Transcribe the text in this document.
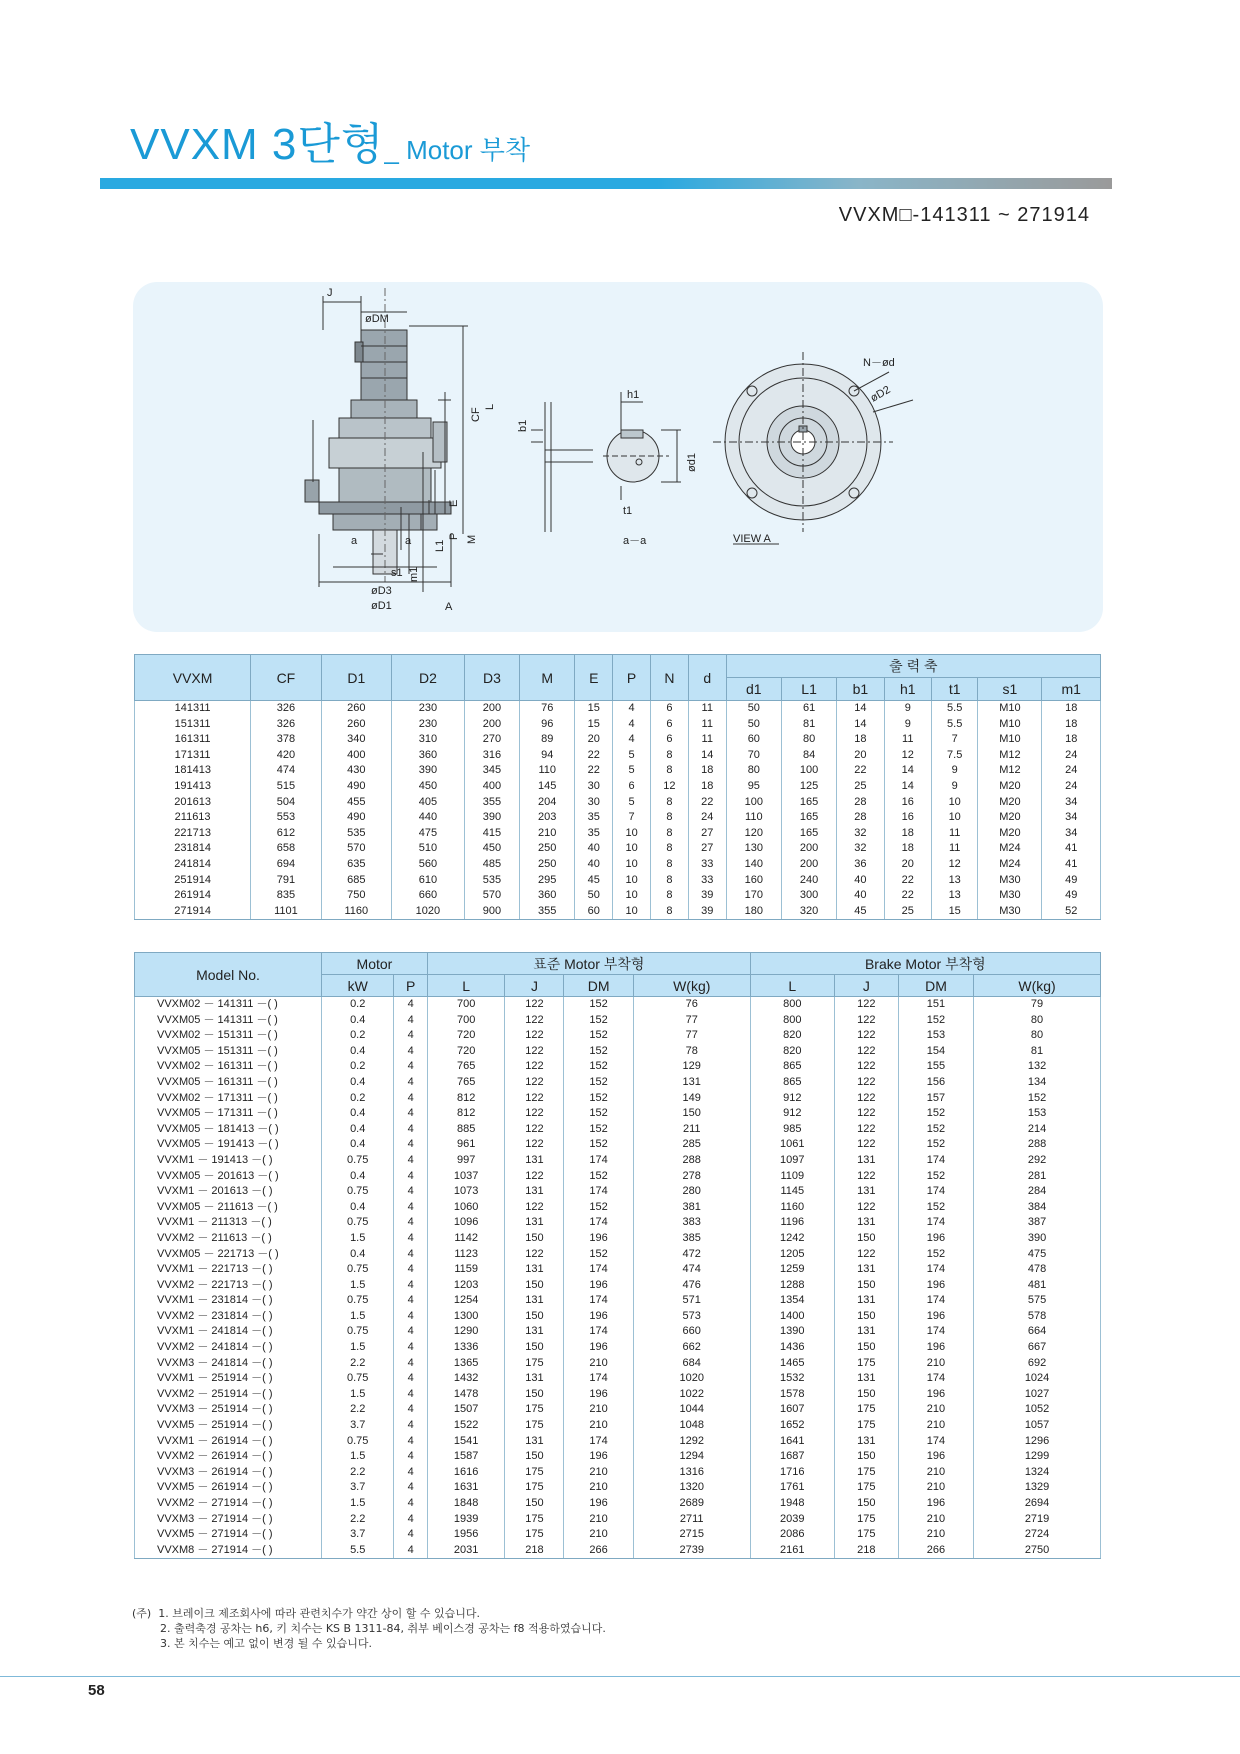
VVXM 3단형_ Motor 부착
VVXM□-141311 ~ 271914
J
øDM
CF
L
E
P M
L1
a	a
s1 m1
øD3
øD1	A
h1
b1
ød1
t1
a－a
N－ød
øD2
VIEW A
VVXM	CF	D1	D2	D3	M	E	P	N	d	출 력 축						
										d1	L1	b1	h1	t1	s1	m1
141311	326	260	230	200	76	15	4	6	11	50	61	14	9	5.5	M10	18
151311	326	260	230	200	96	15	4	6	11	50	81	14	9	5.5	M10	18
161311	378	340	310	270	89	20	4	6	11	60	80	18	11	7	M10	18
171311	420	400	360	316	94	22	5	8	14	70	84	20	12	7.5	M12	24
181413	474	430	390	345	110	22	5	8	18	80	100	22	14	9	M12	24
191413	515	490	450	400	145	30	6	12	18	95	125	25	14	9	M20	24
201613	504	455	405	355	204	30	5	8	22	100	165	28	16	10	M20	34
211613	553	490	440	390	203	35	7	8	24	110	165	28	16	10	M20	34
221713	612	535	475	415	210	35	10	8	27	120	165	32	18	11	M20	34
231814	658	570	510	450	250	40	10	8	27	130	200	32	18	11	M24	41
241814	694	635	560	485	250	40	10	8	33	140	200	36	20	12	M24	41
251914	791	685	610	535	295	45	10	8	33	160	240	40	22	13	M30	49
261914	835	750	660	570	360	50	10	8	39	170	300	40	22	13	M30	49
271914	1101	1160	1020	900	355	60	10	8	39	180	320	45	25	15	M30	52
Model No.	Motor		표준 Motor 부착형				Brake Motor 부착형			
	kW	P	L	J	DM	W(kg)	L	J	DM	W(kg)
VVXM02 － 141311 －( )	0.2	4	700	122	152	76	800	122	151	79
VVXM05 － 141311 －( )	0.4	4	700	122	152	77	800	122	152	80
VVXM02 － 151311 －( )	0.2	4	720	122	152	77	820	122	153	80
VVXM05 － 151311 －( )	0.4	4	720	122	152	78	820	122	154	81
VVXM02 － 161311 －( )	0.2	4	765	122	152	129	865	122	155	132
VVXM05 － 161311 －( )	0.4	4	765	122	152	131	865	122	156	134
VVXM02 － 171311 －( )	0.2	4	812	122	152	149	912	122	157	152
VVXM05 － 171311 －( )	0.4	4	812	122	152	150	912	122	152	153
VVXM05 － 181413 －( )	0.4	4	885	122	152	211	985	122	152	214
VVXM05 － 191413 －( )	0.4	4	961	122	152	285	1061	122	152	288
VVXM1 － 191413 －( )	0.75	4	997	131	174	288	1097	131	174	292
VVXM05 － 201613 －( )	0.4	4	1037	122	152	278	1109	122	152	281
VVXM1 － 201613 －( )	0.75	4	1073	131	174	280	1145	131	174	284
VVXM05 － 211613 －( )	0.4	4	1060	122	152	381	1160	122	152	384
VVXM1 － 211313 －( )	0.75	4	1096	131	174	383	1196	131	174	387
VVXM2 － 211613 －( )	1.5	4	1142	150	196	385	1242	150	196	390
VVXM05 － 221713 －( )	0.4	4	1123	122	152	472	1205	122	152	475
VVXM1 － 221713 －( )	0.75	4	1159	131	174	474	1259	131	174	478
VVXM2 － 221713 －( )	1.5	4	1203	150	196	476	1288	150	196	481
VVXM1 － 231814 －( )	0.75	4	1254	131	174	571	1354	131	174	575
VVXM2 － 231814 －( )	1.5	4	1300	150	196	573	1400	150	196	578
VVXM1 － 241814 －( )	0.75	4	1290	131	174	660	1390	131	174	664
VVXM2 － 241814 －( )	1.5	4	1336	150	196	662	1436	150	196	667
VVXM3 － 241814 －( )	2.2	4	1365	175	210	684	1465	175	210	692
VVXM1 － 251914 －( )	0.75	4	1432	131	174	1020	1532	131	174	1024
VVXM2 － 251914 －( )	1.5	4	1478	150	196	1022	1578	150	196	1027
VVXM3 － 251914 －( )	2.2	4	1507	175	210	1044	1607	175	210	1052
VVXM5 － 251914 －( )	3.7	4	1522	175	210	1048	1652	175	210	1057
VVXM1 － 261914 －( )	0.75	4	1541	131	174	1292	1641	131	174	1296
VVXM2 － 261914 －( )	1.5	4	1587	150	196	1294	1687	150	196	1299
VVXM3 － 261914 －( )	2.2	4	1616	175	210	1316	1716	175	210	1324
VVXM5 － 261914 －( )	3.7	4	1631	175	210	1320	1761	175	210	1329
VVXM2 － 271914 －( )	1.5	4	1848	150	196	2689	1948	150	196	2694
VVXM3 － 271914 －( )	2.2	4	1939	175	210	2711	2039	175	210	2719
VVXM5 － 271914 －( )	3.7	4	1956	175	210	2715	2086	175	210	2724
VVXM8 － 271914 －( )	5.5	4	2031	218	266	2739	2161	218	266	2750
(주) 1. 브레이크 제조회사에 따라 관련치수가 약간 상이 할 수 있습니다.
2. 출력축경 공차는 h6, 키 치수는 KS B 1311-84, 취부 베이스경 공차는 f8 적용하였습니다.
3. 본 치수는 예고 없이 변경 될 수 있습니다.
58
